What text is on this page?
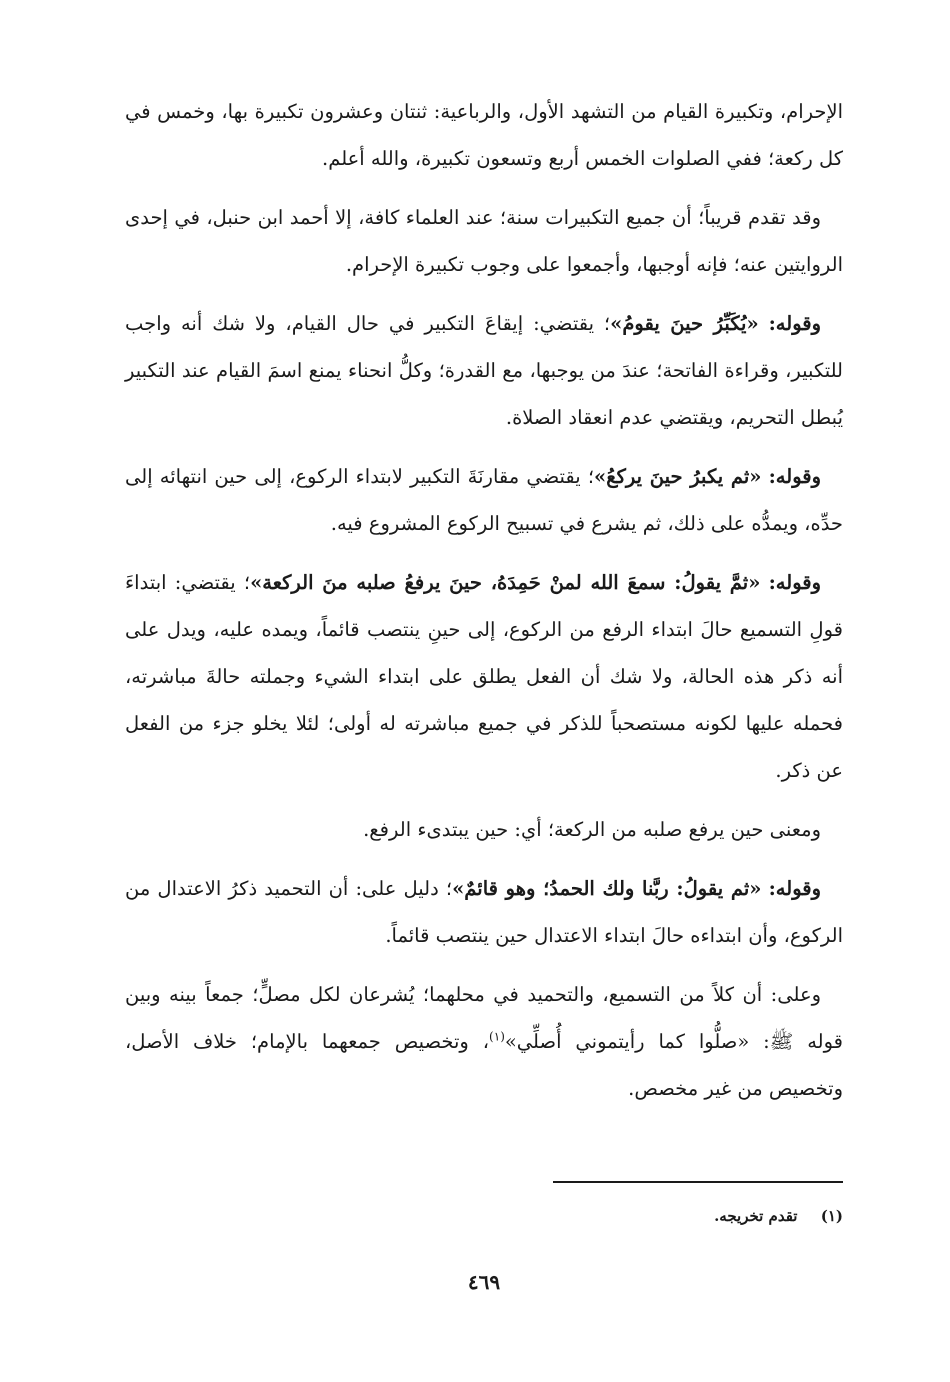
الإحرام، وتكبيرة القيام من التشهد الأول، والرباعية: ثنتان وعشرون تكبيرة بها، وخمس في كل ركعة؛ ففي الصلوات الخمس أربع وتسعون تكبيرة، والله أعلم.

وقد تقدم قريباً؛ أن جميع التكبيرات سنة؛ عند العلماء كافة، إلا أحمد ابن حنبل، في إحدى الروايتين عنه؛ فإنه أوجبها، وأجمعوا على وجوب تكبيرة الإحرام.

وقوله: «يُكَبِّرُ حينَ يقومُ»؛ يقتضي: إيقاعَ التكبير في حال القيام، ولا شك أنه واجب للتكبير، وقراءة الفاتحة؛ عندَ من يوجبها، مع القدرة؛ وكلُّ انحناء يمنع اسمَ القيام عند التكبير يُبطل التحريم، ويقتضي عدم انعقاد الصلاة.

وقوله: «ثم يكبرُ حينَ يركعُ»؛ يقتضي مقارنَةَ التكبير لابتداء الركوع، إلى حين انتهائه إلى حدِّه، ويمدُّه على ذلك، ثم يشرع في تسبيح الركوع المشروع فيه.

وقوله: «ثمَّ يقولُ: سمعَ الله لمنْ حَمِدَهُ، حينَ يرفعُ صلبه منَ الركعة»؛ يقتضي: ابتداءَ قولِ التسميع حالَ ابتداء الرفع من الركوع، إلى حينِ ينتصب قائماً، ويمده عليه، ويدل على أنه ذكر هذه الحالة، ولا شك أن الفعل يطلق على ابتداء الشيء وجملته حالةَ مباشرته، فحمله عليها لكونه مستصحباً للذكر في جميع مباشرته له أولى؛ لئلا يخلو جزء من الفعل عن ذكر.

ومعنى حين يرفع صلبه من الركعة؛ أي: حين يبتدىء الرفع.

وقوله: «ثم يقولُ: ربَّنا ولك الحمدُ؛ وهو قائمٌ»؛ دليل على: أن التحميد ذكرُ الاعتدال من الركوع، وأن ابتداءه حالَ ابتداء الاعتدال حين ينتصب قائماً.

وعلى: أن كلاً من التسميع، والتحميد في محلهما؛ يُشرعان لكل مصلٍّ؛ جمعاً بينه وبين قوله ﷺ: «صلُّوا كما رأيتموني أُصلِّي»$^{(١)}$، وتخصيص جمعهما بالإمام؛ خلاف الأصل، وتخصيص من غير مخصص.

(١) تقدم تخريجه.
٤٦٩
